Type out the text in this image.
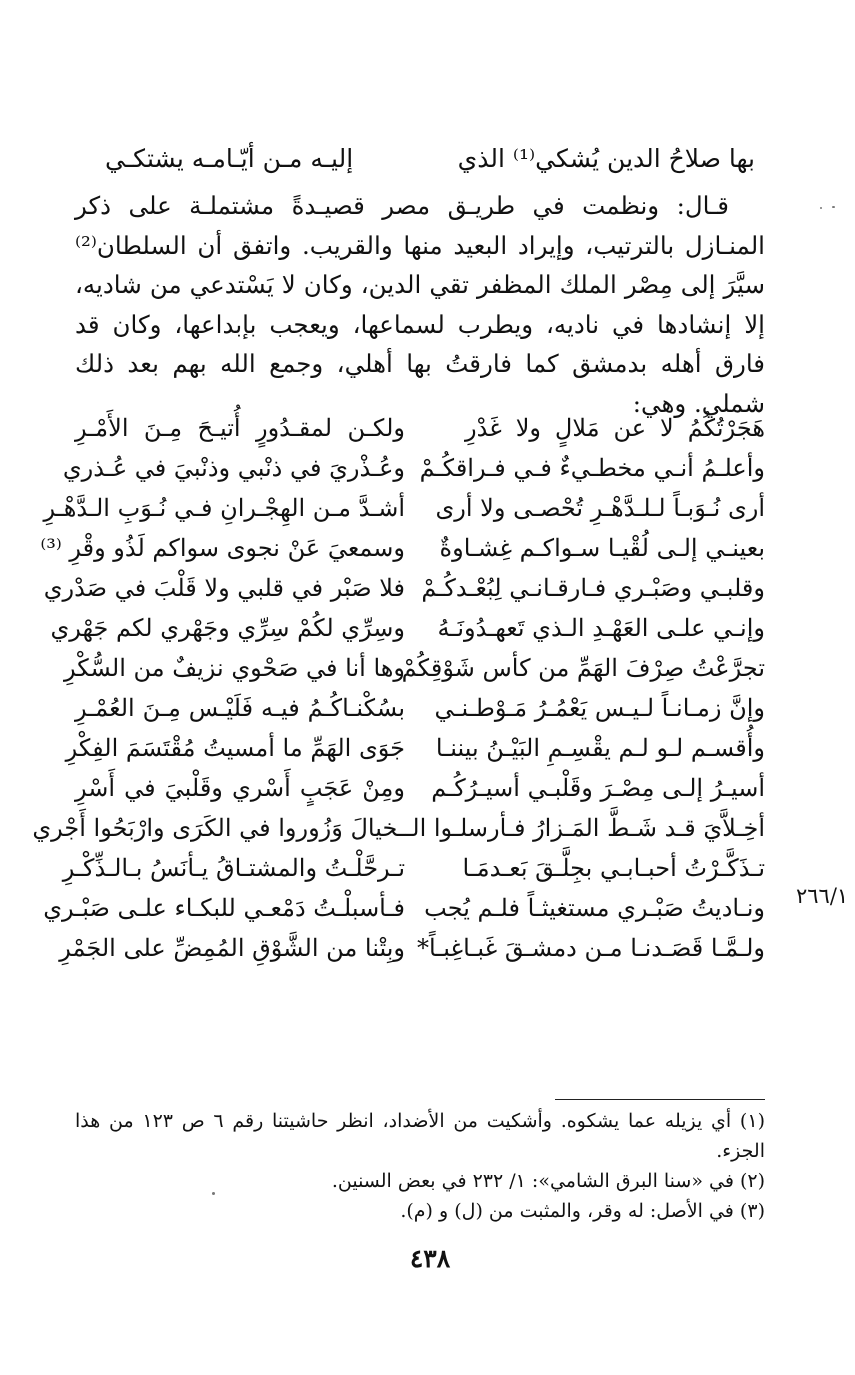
بها صلاحُ الدين يُشكي⁽¹⁾ الذي
إليـه مـن أيّـامـه يشتكـي

قـال: ونظمت في طريـق مصر قصيـدةً مشتملـة على ذكر المنـازل بالترتيب، وإيراد البعيد منها والقريب. واتفق أن السلطان⁽²⁾ سيَّرَ إلى مِصْر الملك المظفر تقي الدين، وكان لا يَسْتدعي من شاديه، إلا إنشادها في ناديه، ويطرب لسماعها، ويعجب بإبداعها، وكان قد فارق أهله بدمشق كما فارقتُ بها أهلي، وجمع الله بهم بعد ذلك شملي. وهي:

هَجَرْتُكُمُ لا عن مَلالٍ ولا غَدْرِ
ولكـن لمقـدُورٍ أُتيـحَ مِـنَ الأَمْـرِ
وأعلـمُ أنـي مخطـيءٌ فـي فـراقكُـمْ
وعُـذْريَ في ذنْبي وذنْبيَ في عُـذري
أرى نُـوَبـاً لـلـدَّهْـرِ تُحْصـى ولا أرى
أشـدَّ مـن الهِجْـرانِ فـي نُـوَبِ الـدَّهْـرِ
بعينـي إلـى لُقْيـا سـواكـم غِشـاوةٌ
وسمعيَ عَنْ نجوى سواكم لَذُو وقْرِ ⁽³⁾
وقلبـي وصَبْـري فـارقـانـي لِبُعْـدكُـمْ
فلا صَبْر في قلبي ولا قَلْبَ في صَدْري
وإنـي علـى العَهْـدِ الـذي تَعهـدُونَـهُ
وسِرِّي لكُمْ سِرِّي وجَهْري لكم جَهْري
تجرَّعْتُ صِرْفَ الهَمِّ من كأس شَوْقِكُمْ
وها أنا في صَحْوي نزيفٌ من السُّكْرِ
وإنَّ زمـانـاً لـيـس يَعْمُـرُ مَـوْطـنـي
بسُكْنـاكُـمُ فيـه فَلَيْـس مِـنَ العُمْـرِ
وأُقسـم لـو لـم يقْسِـمِ البَيْـنُ بيننـا
جَوَى الهَمِّ ما أمسيتُ مُقْتَسَمَ الفِكْرِ
أسيـرُ إلـى مِصْـرَ وقَلْبـي أسيـرُكُـم
ومِنْ عَجَبٍ أَسْري وقَلْبيَ في أَسْرِ
أخِـلاَّيَ قـد شَـطَّ المَـزارُ فـأرسلـوا الـ
ـخيالَ وَزُوروا في الكَرَى وارْبَحُوا أَجْري
تـذَكَّـرْتُ أحبـابـي بجِلَّـقَ بَعـدمَـا
تـرحَّلْـتُ والمشتـاقُ يـأنَسُ بـالـذِّكْـرِ
ونـاديتُ صَبْـري مستغيثـاً فلـم يُجب
فـأسبلْـتُ دَمْعـي للبكـاء علـى صَبْـري
ولـمَّـا قَصَـدنـا مـن دمشـقَ غَبـاغِبـاً*
وبِتْنا من الشَّوْقِ المُمِضِّ على الجَمْرِ
٢٦٦/١

(١) أي يزيله عما يشكوه. وأشكيت من الأضداد، انظر حاشيتنا رقم ٦ ص ١٢٣ من هذا الجزء.

(٢) في «سنا البرق الشامي»: ١/ ٢٣٢ في بعض السنين.

(٣) في الأصل: له وقر، والمثبت من (ل) و (م).

٤٣٨
